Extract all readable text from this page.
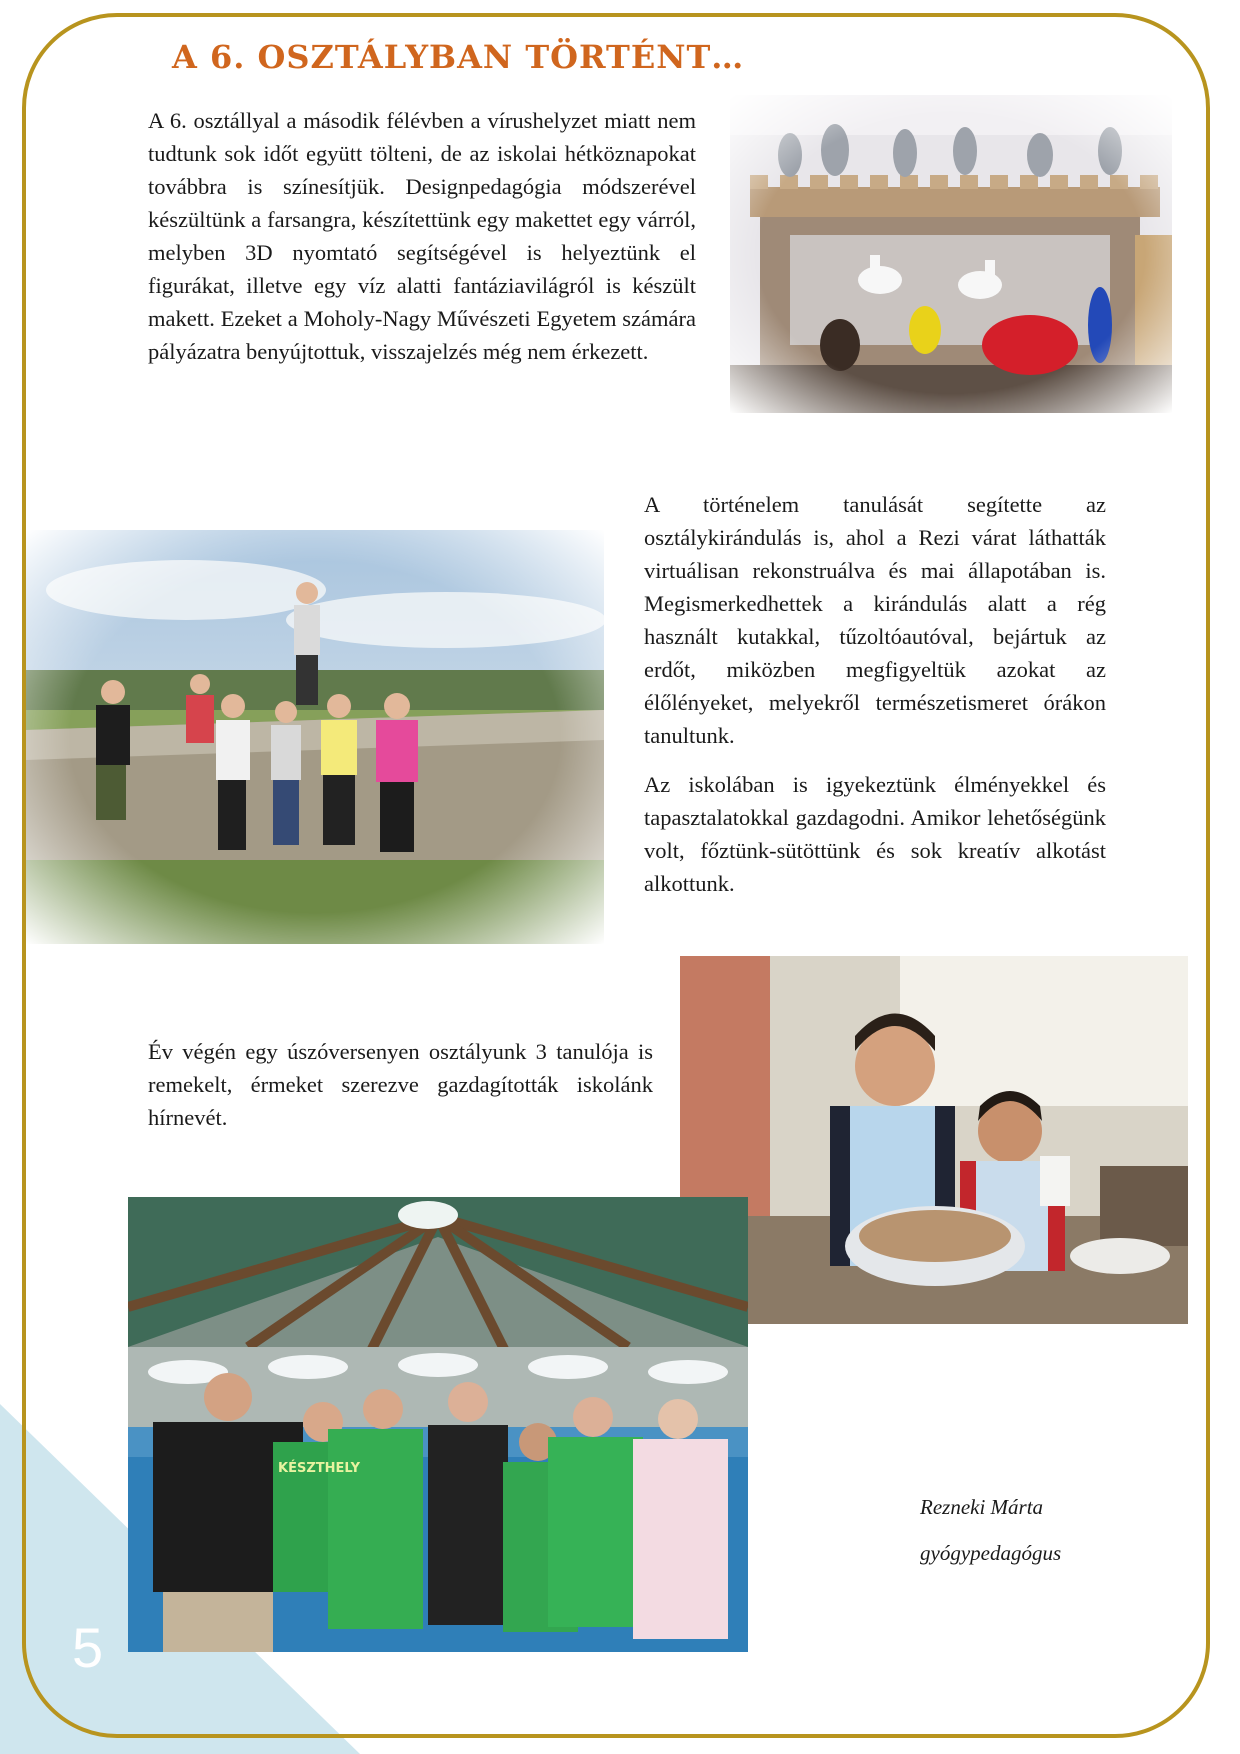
5
A 6. OSZTÁLYBAN TÖRTÉNT…

A 6. osztállyal a második félévben a vírushelyzet miatt nem tudtunk sok időt együtt tölteni, de az iskolai hétköznapokat továbbra is színesítjük. Designpedagógia módszerével készültünk a farsangra, készítettünk egy makettet egy várról, melyben 3D nyomtató segítségével is helyeztünk el figurákat, illetve egy víz alatti fantáziavilágról is készült makett. Ezeket a Moholy-Nagy Művészeti Egyetem számára pályázatra benyújtottuk, visszajelzés még nem érkezett.

A történelem tanulását segítette az osztálykirándulás is, ahol a Rezi várat láthatták virtuálisan rekonstruálva és mai állapotában is. Megismerkedhettek a kirándulás alatt a rég használt kutakkal, tűzoltóautóval, bejártuk az erdőt, miközben megfigyeltük azokat az élőlényeket, melyekről természetismeret órákon tanultunk.

Az iskolában is igyekeztünk élményekkel és tapasztalatokkal gazdagodni. Amikor lehetőségünk volt, főztünk-sütöttünk és sok kreatív alkotást alkottunk.

Év végén egy úszóversenyen osztályunk 3 tanulója is remekelt, érmeket szerezve gazdagították iskolánk hírnevét.

KÉSZTHELY
Rezneki Márta
gyógypedagógus
